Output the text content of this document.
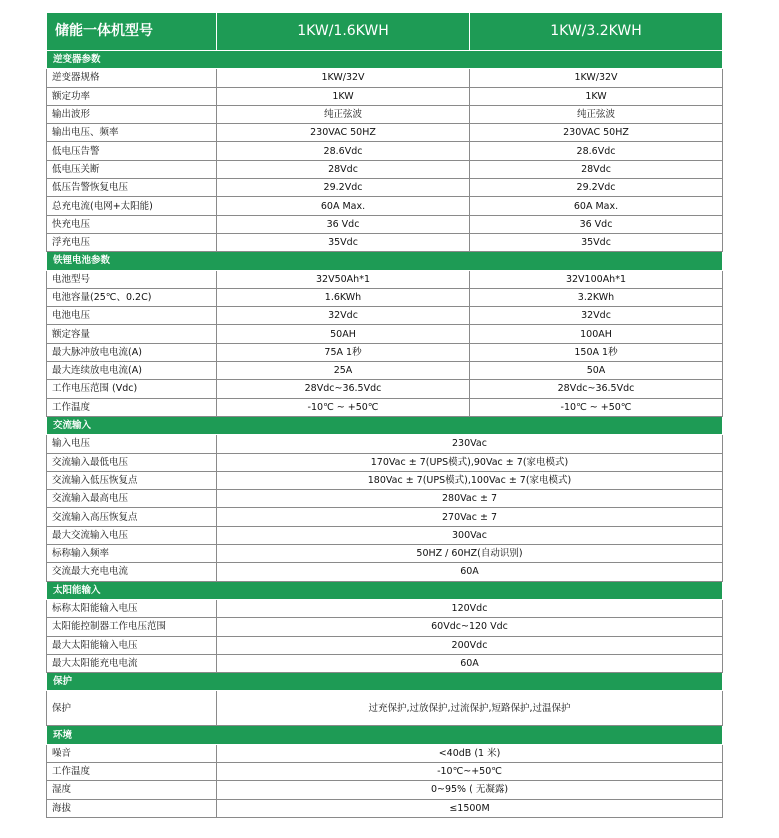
储能一体机型号	1KW/1.6KWH	1KW/3.2KWH
逆变器参数		
逆变器规格	1KW/32V	1KW/32V
额定功率	1KW	1KW
输出波形	纯正弦波	纯正弦波
输出电压、频率	230VAC 50HZ	230VAC 50HZ
低电压告警	28.6Vdc	28.6Vdc
低电压关断	28Vdc	28Vdc
低压告警恢复电压	29.2Vdc	29.2Vdc
总充电流(电网+太阳能)	60A Max.	60A Max.
快充电压	36 Vdc	36 Vdc
浮充电压	35Vdc	35Vdc
铁锂电池参数		
电池型号	32V50Ah*1	32V100Ah*1
电池容量(25℃、0.2C)	1.6KWh	3.2KWh
电池电压	32Vdc	32Vdc
额定容量	50AH	100AH
最大脉冲放电电流(A)	75A 1秒	150A 1秒
最大连续放电电流(A)	25A	50A
工作电压范围 (Vdc)	28Vdc~36.5Vdc	28Vdc~36.5Vdc
工作温度	-10℃ ~ +50℃	-10℃ ~ +50℃
交流输入		
输入电压	230Vac	
交流输入最低电压	170Vac ± 7(UPS模式),90Vac ± 7(家电模式)	
交流输入低压恢复点	180Vac ± 7(UPS模式),100Vac ± 7(家电模式)	
交流输入最高电压	280Vac ± 7	
交流输入高压恢复点	270Vac ± 7	
最大交流输入电压	300Vac	
标称输入频率	50HZ / 60HZ(自动识别)	
交流最大充电电流	60A	
太阳能输入		
标称太阳能输入电压	120Vdc	
太阳能控制器工作电压范围	60Vdc~120 Vdc	
最大太阳能输入电压	200Vdc	
最大太阳能充电电流	60A	
保护		
保护	过充保护,过放保护,过流保护,短路保护,过温保护	
环境		
噪音	<40dB (1 米)	
工作温度	-10℃~+50℃	
湿度	0~95% ( 无凝露)	
海拔	≤1500M	
